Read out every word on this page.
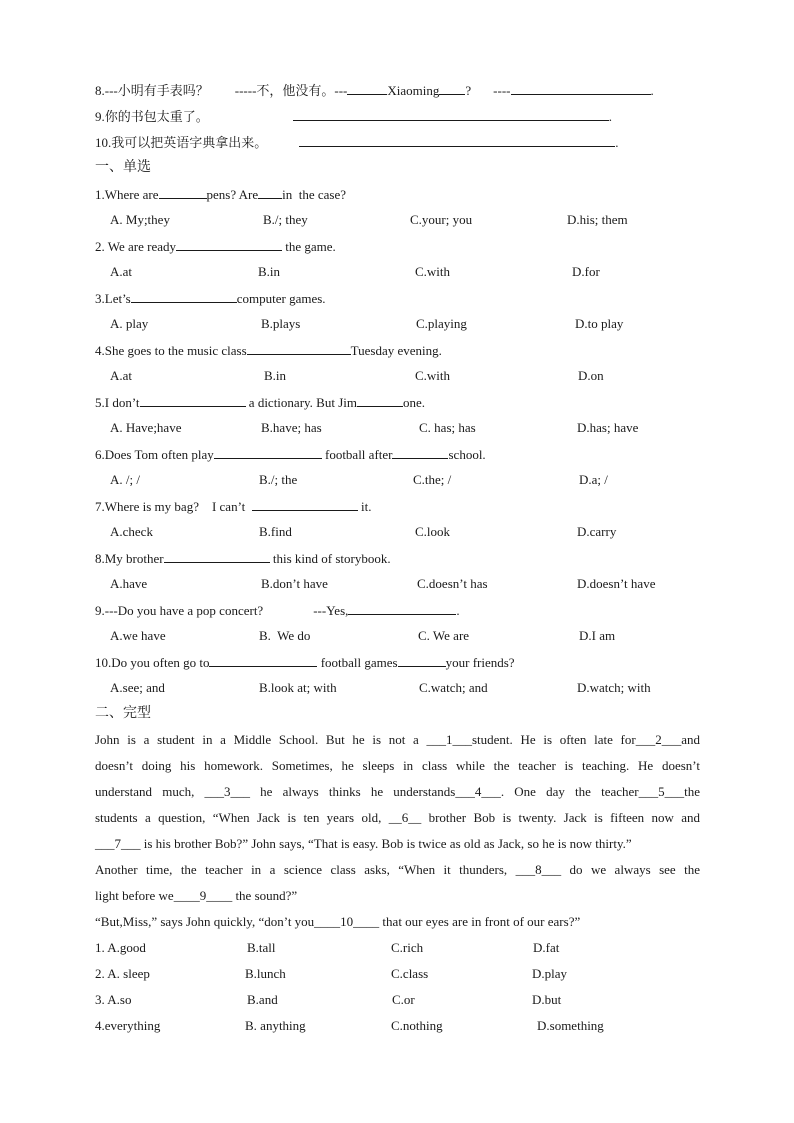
8.---小明有手表吗？ -----不，他没有。---	Xiaoming ? ----	.
9.你的书包太重了。	.
10.我可以把英语字典拿出来。	.
一、单选
1.Where are	pens? Are in  the case?
A. My;they	B./; they	C.your; you	D.his; them
2. We are ready	the game.
A.at	B.in	C.with	D.for
3.Let’s	computer games.
A. play	B.plays	C.playing	D.to play
4.She goes to the music class	Tuesday evening.
A.at	B.in	C.with	D.on
5.I don’t	a dictionary. But Jim	one.
A. Have;have	B.have; has	C. has; has	D.has; have
6.Does Tom often play	football after	school.
A. /; /	B./; the	C.the; /	D.a; /
7.Where is my bag?    I can’t	it.
A.check	B.find	C.look	D.carry
8.My brother	this kind of storybook.
A.have	B.don’t have	C.doesn’t has	D.doesn’t have
9.---Do you have a pop concert?	---Yes,	.
A.we have	B.  We do	C. We are	D.I am
10.Do you often go to	football games	your friends?
A.see; and	B.look at; with	C.watch; and	D.watch; with
二、完型
John is a student in a Middle School. But he is not a ___1___student. He is often late for___2___and
doesn’t doing his homework. Sometimes, he sleeps in class while the teacher is teaching. He doesn’t
understand much, ___3___ he always thinks he understands___4___. One day the teacher___5___the
students a question, “When Jack is ten years old, __6__ brother Bob is twenty. Jack is fifteen now and
___7___ is his brother Bob?” John says, “That is easy. Bob is twice as old as Jack, so he is now thirty.”
Another time, the teacher in a science class asks, “When it thunders, ___8___ do we always see the
light before we____9____ the sound?”
“But,Miss,” says John quickly, “don’t you____10____ that our eyes are in front of our ears?”
1. A.good	B.tall	C.rich	D.fat
2. A. sleep	B.lunch	C.class	D.play
3. A.so	B.and	C.or	D.but
4.everything	B. anything	C.nothing	D.something
